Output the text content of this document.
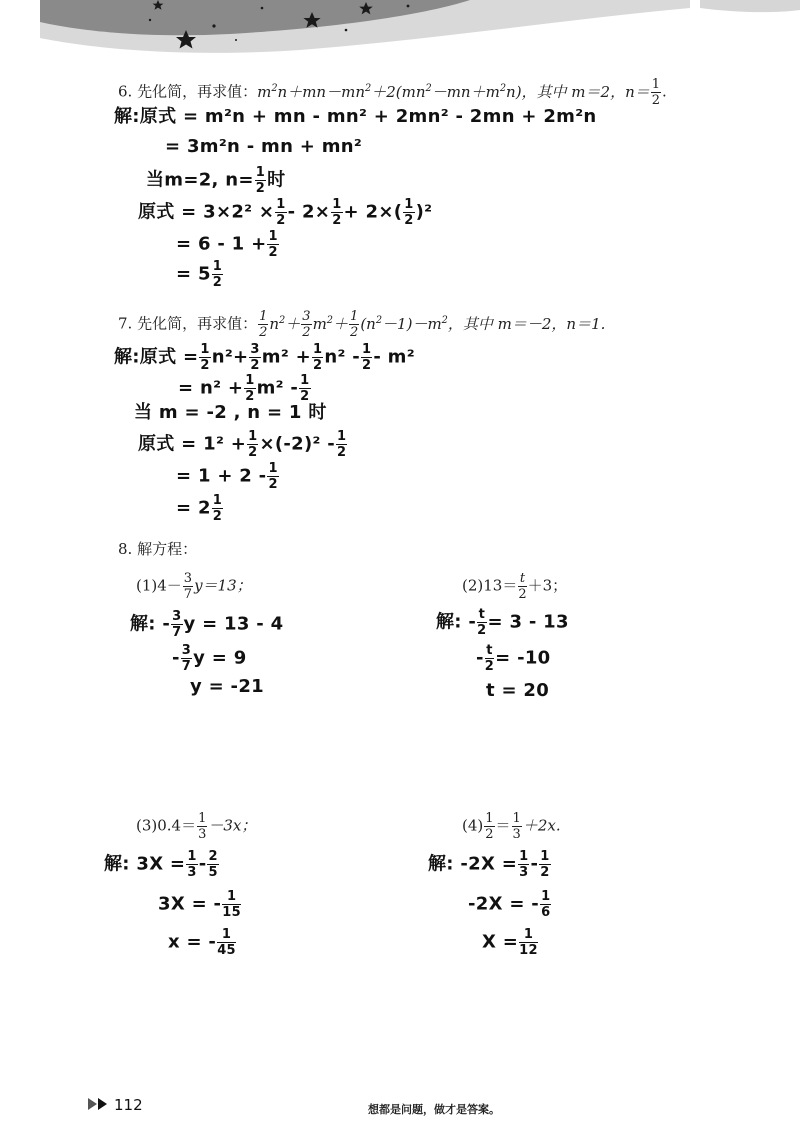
6. 先化简，再求值：$m^2n+mn-mn^2+2(mn^2-mn+m^2n)$，其中 m＝2，$n= \frac{1}{2}$ .
解:原式 = m²n + mn - mn² + 2mn² - 2mn + 2m²n
= 3m²n - mn + mn²
当m=2, $n= \frac{1}{2}$ 时
原式 = $3\times 2^2 \times \frac{1}{2} - 2\times \frac{1}{2} + 2\times( \frac{1}{2} )^2$
= $6 - 1 + \frac{1}{2}$
= $5 \frac{1}{2}$
7. 先化简，再求值： $\frac{1}{2} n^2+ \frac{3}{2} m^2+ \frac{1}{2} (n^2-1)-m^2$，其中 m＝－2，n＝1.
解:原式 = $\frac{1}{2} n^2+ \frac{3}{2} m^2 + \frac{1}{2} n^2 - \frac{1}{2} - m^2$
= $n^2 + \frac{1}{2} m^2 - \frac{1}{2}$
当 m = -2 , n = 1 时
原式 = $1^2 + \frac{1}{2} \times(-2)^2 - \frac{1}{2}$
= $1 + 2 - \frac{1}{2}$
= $2 \frac{1}{2}$
8. 解方程：
$(1)4- \frac{3}{7} y=13$；
解: - $\frac{3}{7}$ y = 13 - 4
- $\frac{3}{7}$ y = 9
y = -21
$(2)13= \frac{t}{2} +3$；
解: - $\frac{t}{2} = 3 - 13$
- $\frac{t}{2} = -10$
t = 20
$(3)0.4= \frac{1}{3} -3x$；
解: $3X = \frac{1}{3} - \frac{2}{5}$
3X = - $\frac{1}{15}$
x = - $\frac{1}{45}$
$(4) \frac{1}{2} = \frac{1}{3} +2x$.
解: $-2X = \frac{1}{3} - \frac{1}{2}$
-2X = - $\frac{1}{6}$
$X = \frac{1}{12}$
112	想都是问题，做才是答案。
